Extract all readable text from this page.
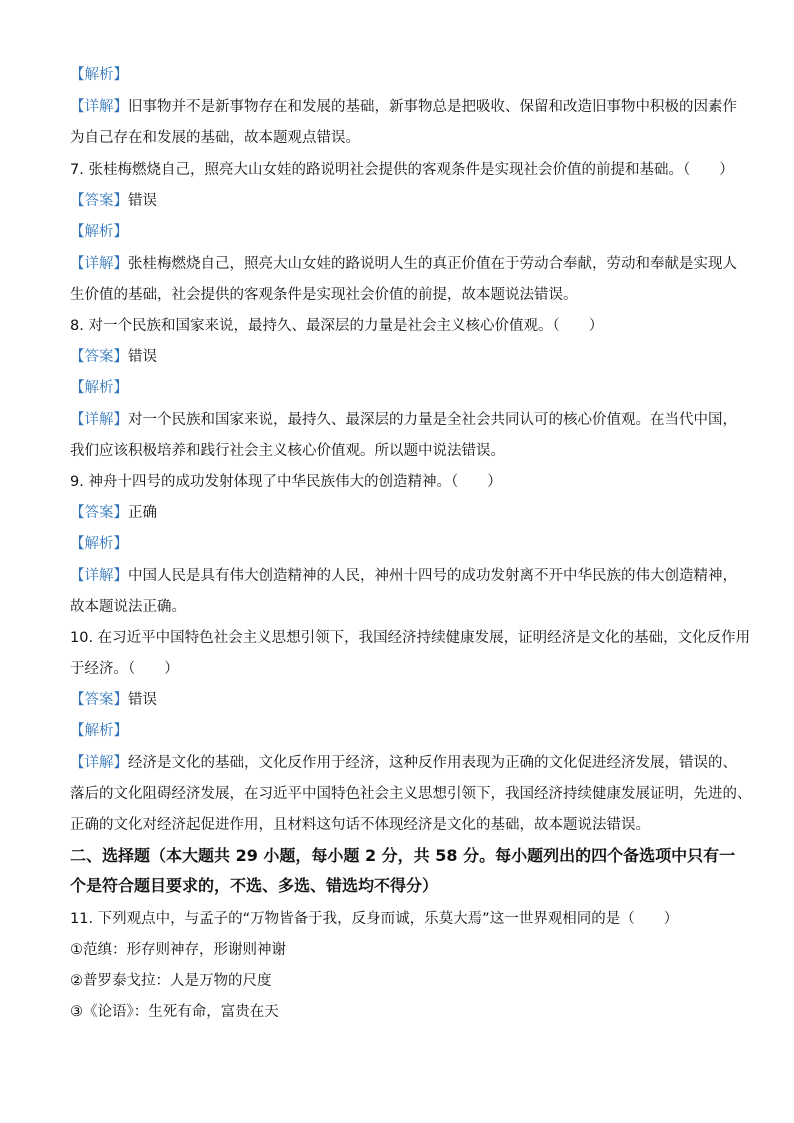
【解析】
【详解】旧事物并不是新事物存在和发展的基础，新事物总是把吸收、保留和改造旧事物中积极的因素作
为自己存在和发展的基础，故本题观点错误。
7. 张桂梅燃烧自己，照亮大山女娃的路说明社会提供的客观条件是实现社会价值的前提和基础。（　　）
【答案】错误
【解析】
【详解】张桂梅燃烧自己，照亮大山女娃的路说明人生的真正价值在于劳动合奉献，劳动和奉献是实现人
生价值的基础，社会提供的客观条件是实现社会价值的前提，故本题说法错误。
8. 对一个民族和国家来说，最持久、最深层的力量是社会主义核心价值观。（　　）
【答案】错误
【解析】
【详解】对一个民族和国家来说，最持久、最深层的力量是全社会共同认可的核心价值观。在当代中国，
我们应该积极培养和践行社会主义核心价值观。所以题中说法错误。
9. 神舟十四号的成功发射体现了中华民族伟大的创造精神。（　　）
【答案】正确
【解析】
【详解】中国人民是具有伟大创造精神的人民，神州十四号的成功发射离不开中华民族的伟大创造精神，
故本题说法正确。
10. 在习近平中国特色社会主义思想引领下，我国经济持续健康发展，证明经济是文化的基础，文化反作用
于经济。（　　）
【答案】错误
【解析】
【详解】经济是文化的基础，文化反作用于经济，这种反作用表现为正确的文化促进经济发展，错误的、
落后的文化阻碍经济发展，在习近平中国特色社会主义思想引领下，我国经济持续健康发展证明，先进的、
正确的文化对经济起促进作用，且材料这句话不体现经济是文化的基础，故本题说法错误。
二、选择题（本大题共 29 小题，每小题 2 分，共 58 分。每小题列出的四个备选项中只有一
个是符合题目要求的，不选、多选、错选均不得分）
11. 下列观点中，与孟子的“万物皆备于我，反身而诚，乐莫大焉”这一世界观相同的是（　　）
①范缜：形存则神存，形谢则神谢
②普罗泰戈拉：人是万物的尺度
③《论语》：生死有命，富贵在天
